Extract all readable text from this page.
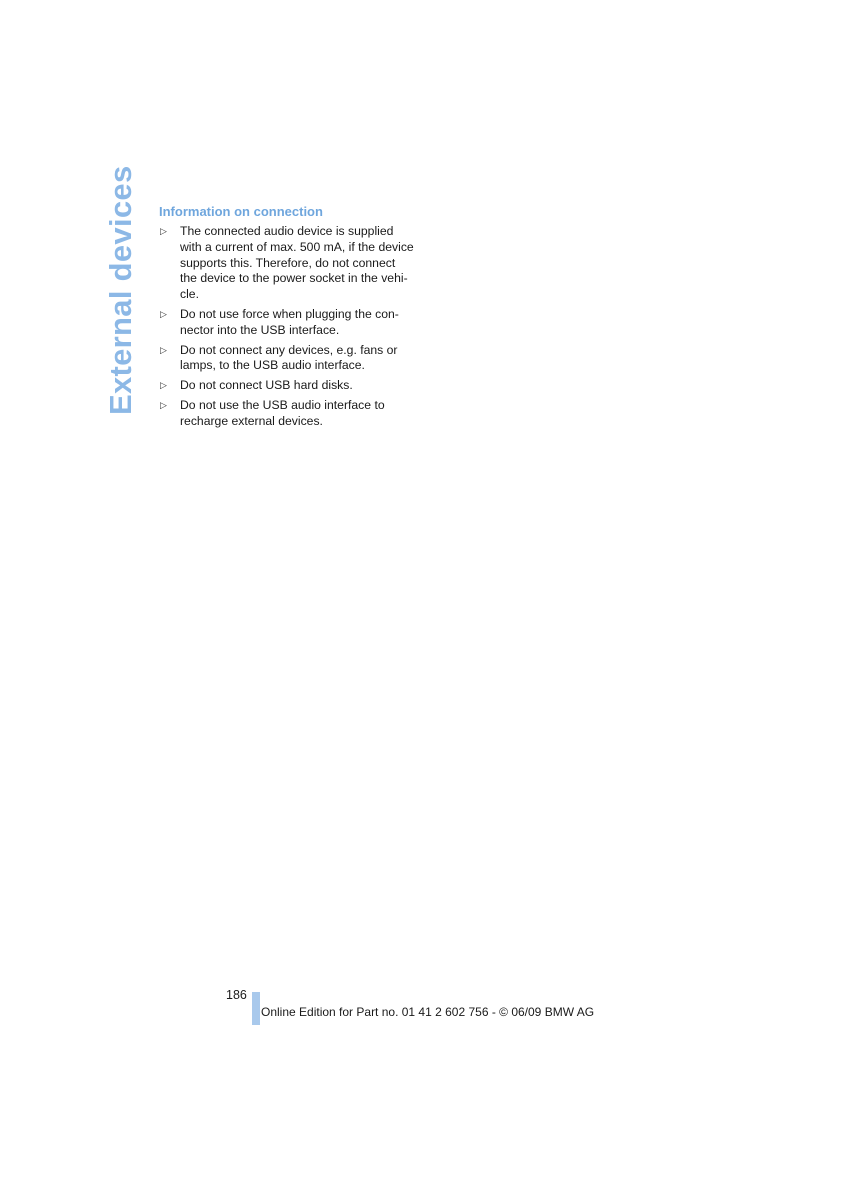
External devices Information on connection
▷ The connected audio device is supplied
with a current of max. 500 mA, if the device
supports this. Therefore, do not connect
the device to the power socket in the vehi-
cle.
▷ Do not use force when plugging the con-
nector into the USB interface.
▷ Do not connect any devices, e.g. fans or
lamps, to the USB audio interface.
▷ Do not connect USB hard disks.
▷ Do not use the USB audio interface to
recharge external devices.
186
Online Edition for Part no. 01 41 2 602 756 - © 06/09 BMW AG
